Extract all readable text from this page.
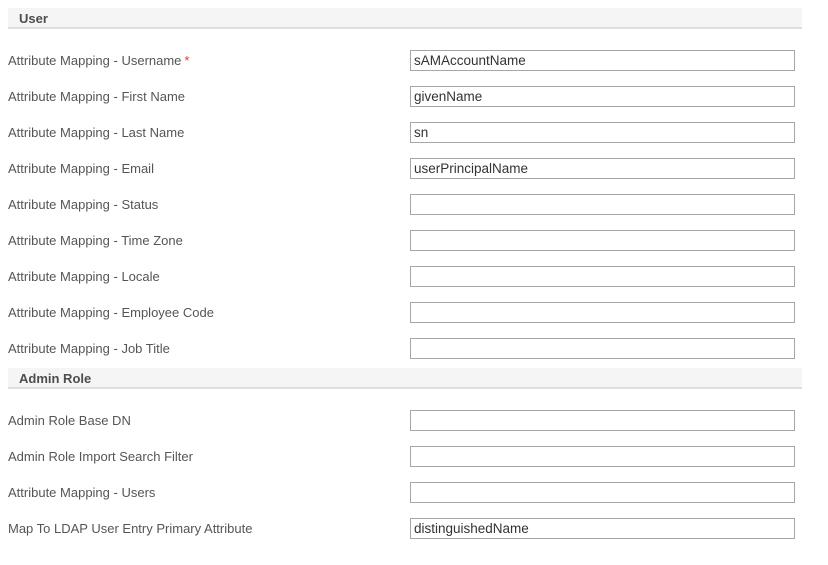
User
Attribute Mapping - Username *
sAMAccountName
Attribute Mapping - First Name
givenName
Attribute Mapping - Last Name
sn
Attribute Mapping - Email
userPrincipalName
Attribute Mapping - Status
Attribute Mapping - Time Zone
Attribute Mapping - Locale
Attribute Mapping - Employee Code
Attribute Mapping - Job Title
Admin Role
Admin Role Base DN
Admin Role Import Search Filter
Attribute Mapping - Users
Map To LDAP User Entry Primary Attribute
distinguishedName
